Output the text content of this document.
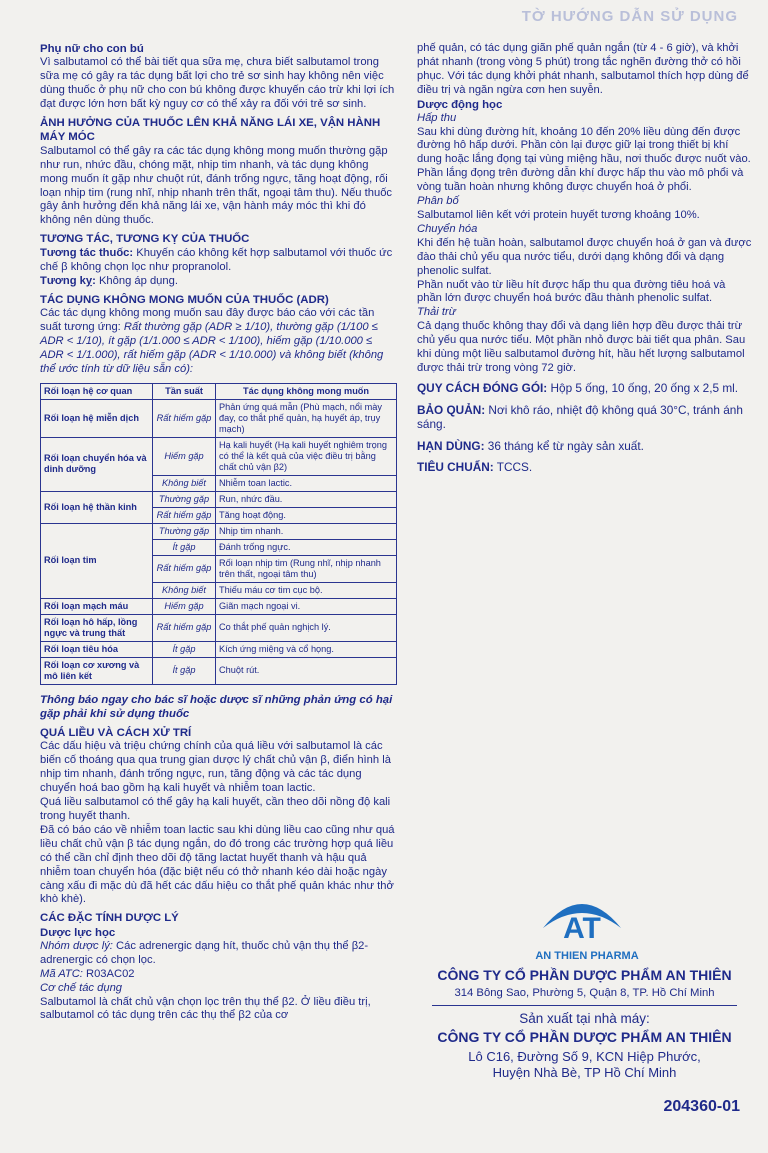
TỜ HƯỚNG DẪN SỬ DỤNG

Phụ nữ cho con bú

Vì salbutamol có thể bài tiết qua sữa mẹ, chưa biết salbutamol trong sữa mẹ có gây ra tác dụng bất lợi cho trẻ sơ sinh hay không nên việc dùng thuốc ở phụ nữ cho con bú không được khuyến cáo trừ khi lợi ích đạt được lớn hơn bất kỳ nguy cơ có thể xảy ra đối với trẻ sơ sinh.

ẢNH HƯỞNG CỦA THUỐC LÊN KHẢ NĂNG LÁI XE, VẬN HÀNH MÁY MÓC

Salbutamol có thể gây ra các tác dụng không mong muốn thường gặp như run, nhức đầu, chóng mặt, nhịp tim nhanh, và tác dụng không mong muốn ít gặp như chuột rút, đánh trống ngực, tăng hoạt động, rối loạn nhịp tim (rung nhĩ, nhịp nhanh trên thất, ngoại tâm thu). Nếu thuốc gây ảnh hưởng đến khả năng lái xe, vận hành máy móc thì khi đó không nên dùng thuốc.

TƯƠNG TÁC, TƯƠNG KỴ CỦA THUỐC

Tương tác thuốc: Khuyến cáo không kết hợp salbutamol với thuốc ức chế β không chọn lọc như propranolol.

Tương kỵ: Không áp dụng.

TÁC DỤNG KHÔNG MONG MUỐN CỦA THUỐC (ADR)

Các tác dụng không mong muốn sau đây được báo cáo với các tần suất tương ứng: Rất thường gặp (ADR ≥ 1/10), thường gặp (1/100 ≤ ADR < 1/10), ít gặp (1/1.000 ≤ ADR < 1/100), hiếm gặp (1/10.000 ≤ ADR < 1/1.000), rất hiếm gặp (ADR < 1/10.000) và không biết (không thể ước tính từ dữ liệu sẵn có):

Rối loạn hệ cơ quan	Tần suất	Tác dụng không mong muốn
Rối loạn hệ miễn dịch	Rất hiếm gặp	Phản ứng quá mẫn (Phù mạch, nổi mày đay, co thắt phế quản, hạ huyết áp, trụy mạch)
Rối loạn chuyển hóa và dinh dưỡng	Hiếm gặp	Hạ kali huyết (Hạ kali huyết nghiêm trọng có thể là kết quả của việc điều trị bằng chất chủ vận β2)
	Không biết	Nhiễm toan lactic.
Rối loạn hệ thần kinh	Thường gặp	Run, nhức đầu.
	Rất hiếm gặp	Tăng hoạt động.
Rối loạn tim	Thường gặp	Nhịp tim nhanh.
	Ít gặp	Đánh trống ngực.
	Rất hiếm gặp	Rối loạn nhịp tim (Rung nhĩ, nhịp nhanh trên thất, ngoại tâm thu)
	Không biết	Thiếu máu cơ tim cục bộ.
Rối loạn mạch máu	Hiếm gặp	Giãn mạch ngoại vi.
Rối loạn hô hấp, lồng ngực và trung thất	Rất hiếm gặp	Co thắt phế quản nghịch lý.
Rối loạn tiêu hóa	Ít gặp	Kích ứng miệng và cổ họng.
Rối loạn cơ xương và mô liên kết	Ít gặp	Chuột rút.

Thông báo ngay cho bác sĩ hoặc dược sĩ những phản ứng có hại gặp phải khi sử dụng thuốc

QUÁ LIỀU VÀ CÁCH XỬ TRÍ

Các dấu hiệu và triệu chứng chính của quá liều với salbutamol là các biến cố thoáng qua qua trung gian dược lý chất chủ vận β, điển hình là nhịp tim nhanh, đánh trống ngực, run, tăng động và các tác dụng chuyển hoá bao gồm hạ kali huyết và nhiễm toan lactic.

Quá liều salbutamol có thể gây hạ kali huyết, cần theo dõi nồng độ kali trong huyết thanh.

Đã có báo cáo về nhiễm toan lactic sau khi dùng liều cao cũng như quá liều chất chủ vận β tác dụng ngắn, do đó trong các trường hợp quá liều có thể cần chỉ định theo dõi độ tăng lactat huyết thanh và hậu quả nhiễm toan chuyển hóa (đặc biệt nếu có thở nhanh kéo dài hoặc ngày càng xấu đi mặc dù đã hết các dấu hiệu co thắt phế quản khác như thở khò khè).

CÁC ĐẶC TÍNH DƯỢC LÝ

Dược lực học

Nhóm dược lý: Các adrenergic dạng hít, thuốc chủ vận thụ thể β2-adrenergic có chọn lọc.

Mã ATC: R03AC02

Cơ chế tác dụng

Salbutamol là chất chủ vận chọn lọc trên thụ thể β2. Ở liều điều trị, salbutamol có tác dụng trên các thụ thể β2 của cơ

phế quản, có tác dụng giãn phế quản ngắn (từ 4 - 6 giờ), và khởi phát nhanh (trong vòng 5 phút) trong tắc nghẽn đường thở có hồi phục. Với tác dụng khởi phát nhanh, salbutamol thích hợp dùng để điều trị và ngăn ngừa cơn hen suyễn.

Dược động học

Hấp thu

Sau khi dùng đường hít, khoảng 10 đến 20% liều dùng đến được đường hô hấp dưới. Phần còn lại được giữ lại trong thiết bị khí dung hoặc lắng đọng tại vùng miệng hầu, nơi thuốc được nuốt vào. Phần lắng đọng trên đường dẫn khí được hấp thu vào mô phổi và vòng tuần hoàn nhưng không được chuyển hoá ở phổi.

Phân bố

Salbutamol liên kết với protein huyết tương khoảng 10%.

Chuyển hóa

Khi đến hệ tuần hoàn, salbutamol được chuyển hoá ở gan và được đào thải chủ yếu qua nước tiểu, dưới dạng không đổi và dạng phenolic sulfat.

Phần nuốt vào từ liều hít được hấp thu qua đường tiêu hoá và phần lớn được chuyển hoá bước đầu thành phenolic sulfat.

Thải trừ

Cả dạng thuốc không thay đổi và dạng liên hợp đều được thải trừ chủ yếu qua nước tiểu. Một phần nhỏ được bài tiết qua phân. Sau khi dùng một liều salbutamol đường hít, hầu hết lượng salbutamol được thải trừ trong vòng 72 giờ.

QUY CÁCH ĐÓNG GÓI: Hộp 5 ống, 10 ống, 20 ống x 2,5 ml.

BẢO QUẢN: Nơi khô ráo, nhiệt độ không quá 30°C, tránh ánh sáng.

HẠN DÙNG: 36 tháng kể từ ngày sản xuất.

TIÊU CHUẨN: TCCS.

AT
AN THIEN PHARMA
CÔNG TY CỔ PHẦN DƯỢC PHẨM AN THIÊN
314 Bông Sao, Phường 5, Quận 8, TP. Hồ Chí Minh
Sản xuất tại nhà máy:
CÔNG TY CỔ PHẦN DƯỢC PHẨM AN THIÊN
Lô C16, Đường Số 9, KCN Hiệp Phước,
Huyện Nhà Bè, TP Hồ Chí Minh
204360-01
